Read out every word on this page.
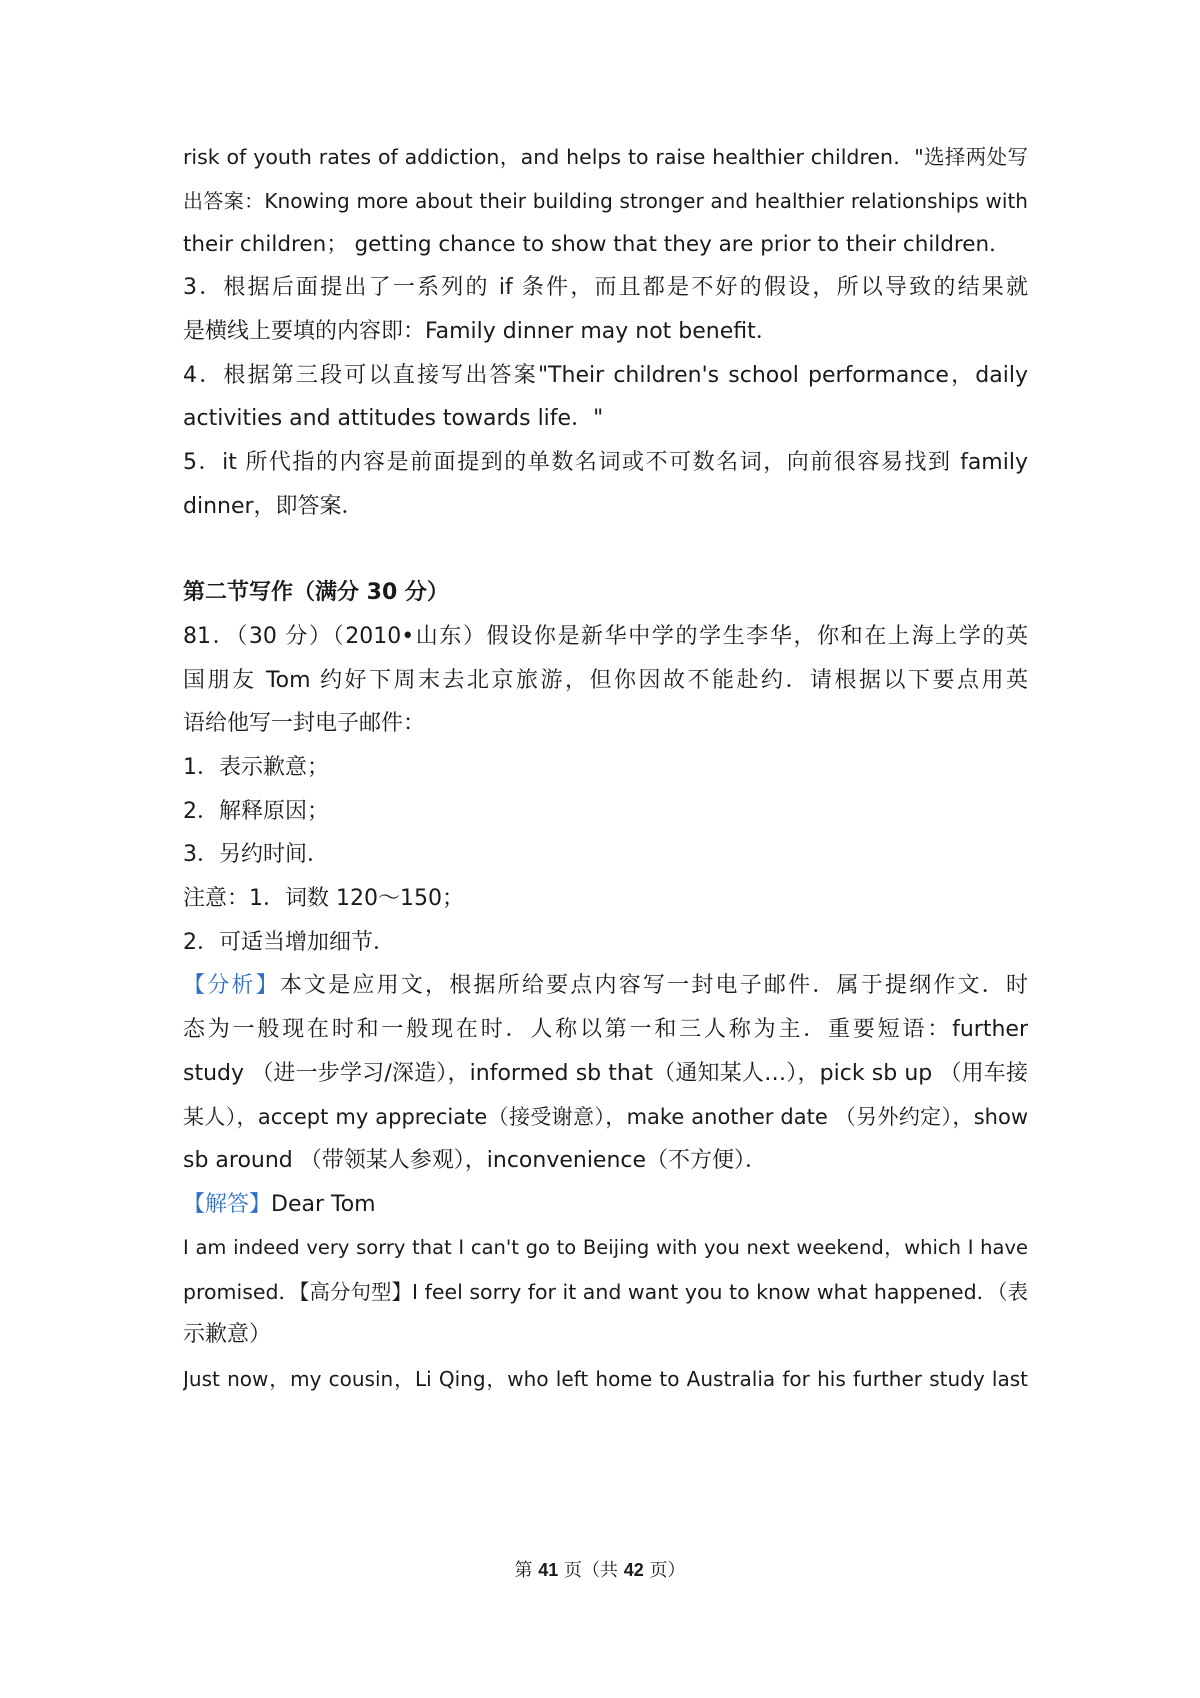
risk of youth rates of addiction，and helps to raise healthier children．"选择两处写
出答案：Knowing more about their building stronger and healthier relationships with
their children； getting chance to show that they are prior to their children．
3．根据后面提出了一系列的 if 条件，而且都是不好的假设，所以导致的结果就
是横线上要填的内容即：Family dinner may not benefit．
4．根据第三段可以直接写出答案"Their children's school performance，daily
activities and attitudes towards life．"
5．it 所代指的内容是前面提到的单数名词或不可数名词，向前很容易找到 family
dinner，即答案．
第二节写作（满分 30 分）
81．（30 分）（2010•山东）假设你是新华中学的学生李华，你和在上海上学的英
国朋友 Tom 约好下周末去北京旅游，但你因故不能赴约．请根据以下要点用英
语给他写一封电子邮件：
1．表示歉意；
2．解释原因；
3．另约时间．
注意：1．词数 120～150；
2．可适当增加细节．
【分析】本文是应用文，根据所给要点内容写一封电子邮件．属于提纲作文．时
态为一般现在时和一般现在时．人称以第一和三人称为主．重要短语：further
study （进一步学习/深造），informed sb that（通知某人…），pick sb up （用车接
某人），accept my appreciate（接受谢意），make another date （另外约定），show
sb around （带领某人参观），inconvenience（不方便）．
【解答】Dear Tom
I am indeed very sorry that I can't go to Beijing with you next weekend，which I have
promised．【高分句型】I feel sorry for it and want you to know what happened．（表
示歉意）
Just now，my cousin，Li Qing，who left home to Australia for his further study last
第 41 页（共 42 页）
